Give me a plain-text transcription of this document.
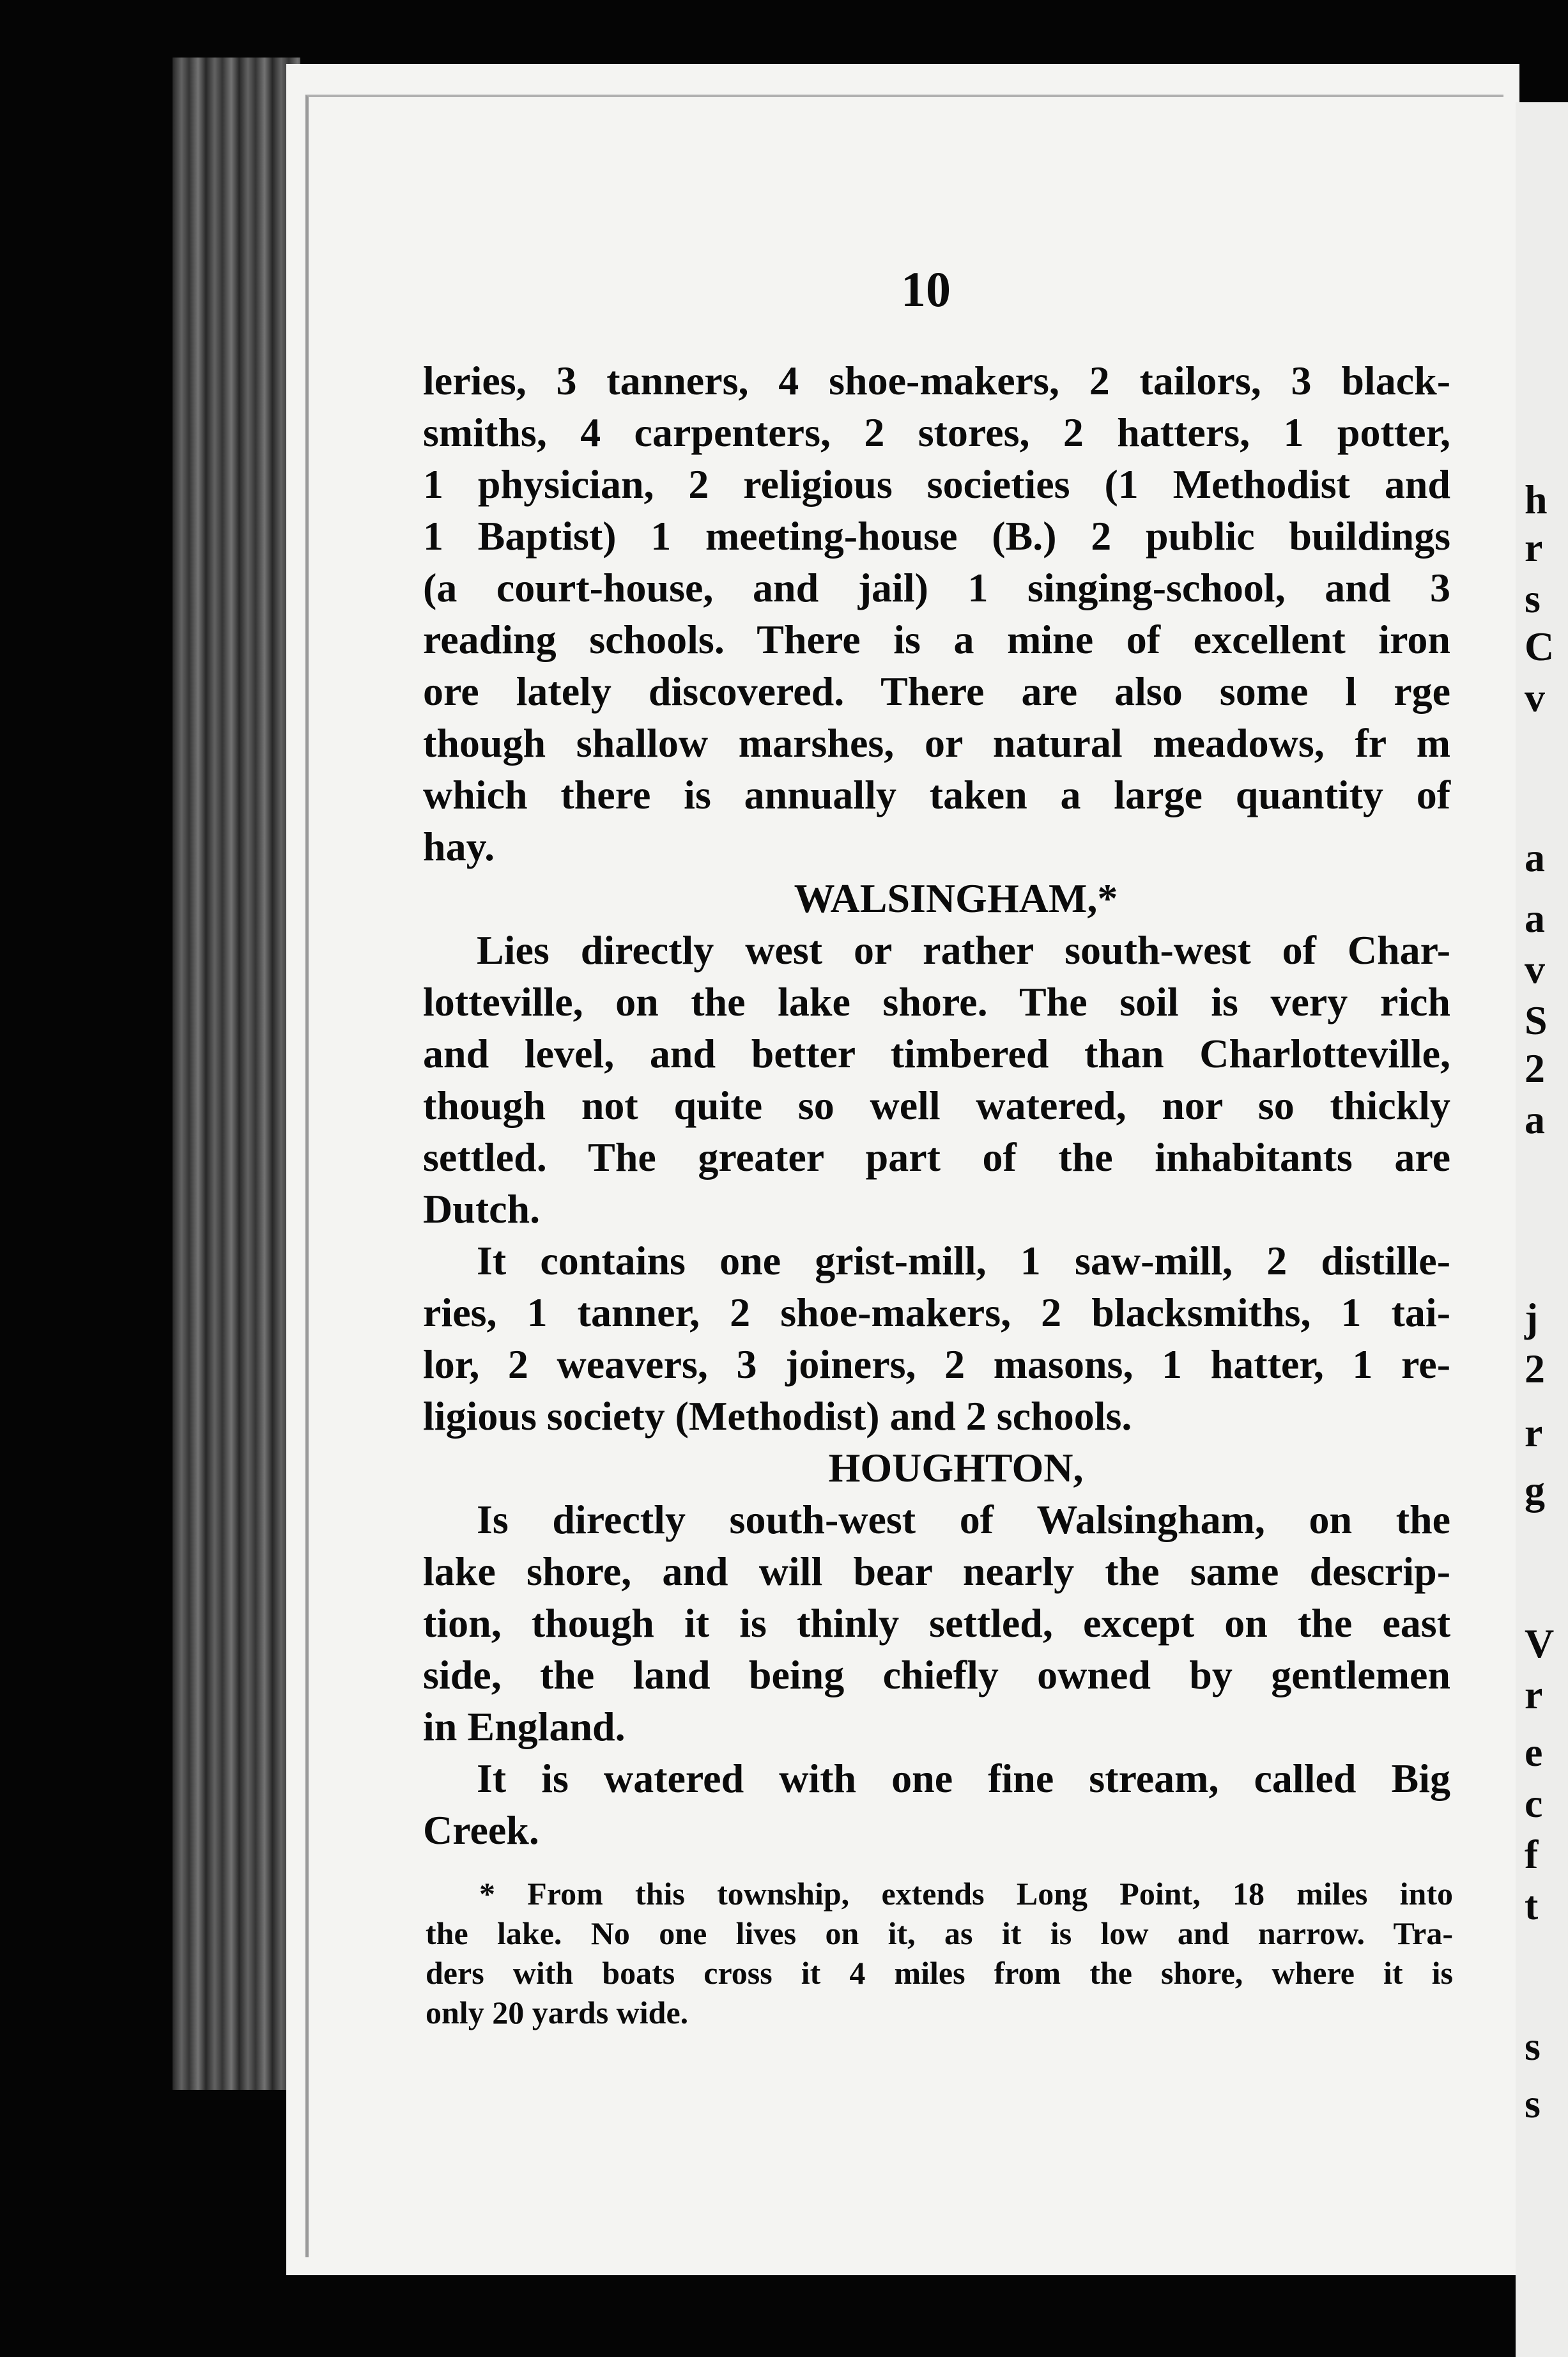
h
r
s
C
v
a
a
v
S
2
a
j
2
r
g
V
r
e
c
f
t
s
s
10
leries, 3 tanners, 4 shoe-makers, 2 tailors, 3 black-
smiths, 4 carpenters, 2 stores, 2 hatters, 1 potter,
1 physician, 2 religious societies (1 Methodist and
1 Baptist) 1 meeting-house (B.) 2 public buildings
(a court-house, and jail) 1 singing-school, and 3
reading schools. There is a mine of excellent iron
ore lately discovered. There are also some l rge
though shallow marshes, or natural meadows, fr m
which there is annually taken a large quantity of
hay.
WALSINGHAM,*
Lies directly west or rather south-west of Char-
lotteville, on the lake shore. The soil is very rich
and level, and better timbered than Charlotteville,
though not quite so well watered, nor so thickly
settled. The greater part of the inhabitants are
Dutch.
It contains one grist-mill, 1 saw-mill, 2 distille-
ries, 1 tanner, 2 shoe-makers, 2 blacksmiths, 1 tai-
lor, 2 weavers, 3 joiners, 2 masons, 1 hatter, 1 re-
ligious society (Methodist) and 2 schools.
HOUGHTON,
Is directly south-west of Walsingham, on the
lake shore, and will bear nearly the same descrip-
tion, though it is thinly settled, except on the east
side, the land being chiefly owned by gentlemen
in England.
It is watered with one fine stream, called Big
Creek.
* From this township, extends Long Point, 18 miles into
the lake. No one lives on it, as it is low and narrow. Tra-
ders with boats cross it 4 miles from the shore, where it is
only 20 yards wide.
